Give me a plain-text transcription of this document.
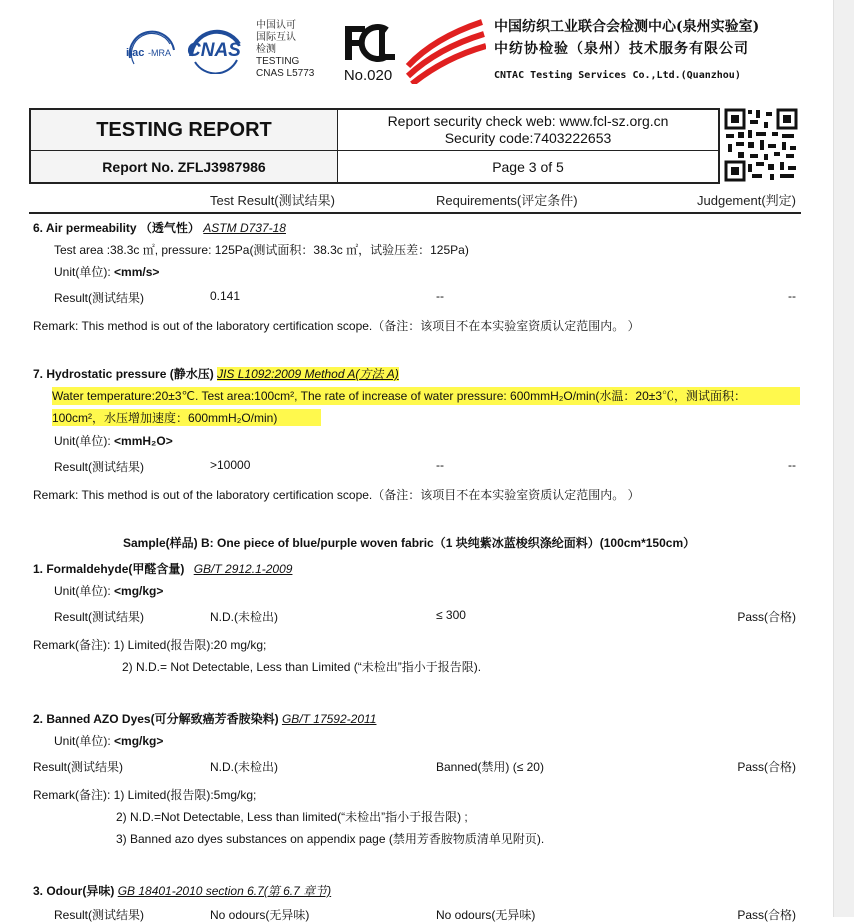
ilac -MRA CNAS
中国认可
国际互认
检测
TESTING
CNAS L5773	No.020
中国纺织工业联合会检测中心(泉州实验室)
中纺协检验（泉州）技术服务有限公司
CNTAC Testing Services Co.,Ltd.(Quanzhou)
TESTING REPORT	Report security check web: www.fcl-sz.org.cn
Security code:7403222653
Report No. ZFLJ3987986	Page 3 of 5
Test Result(测试结果)	Requirements(评定条件)	Judgement(判定)
6. Air permeability （透气性） ASTM D737-18
Test area :38.3c ㎡, pressure: 125Pa(测试面积：38.3c ㎡，试验压差：125Pa)
Unit(单位): <mm/s>
Result(测试结果)	0.141	--	--
Remark: This method is out of the laboratory certification scope.（备注：该项目不在本实验室资质认定范围内。 ）
7. Hydrostatic pressure (静水压) JIS L1092:2009 Method A(方法 A)
Water temperature:20±3℃. Test area:100cm², The rate of increase of water pressure: 600mmH₂O/min(水温：20±3℃，测试面积：
100cm²，水压增加速度：600mmH₂O/min)
Unit(单位): <mmH₂O>
Result(测试结果)	>10000	--	--
Remark: This method is out of the laboratory certification scope.（备注：该项目不在本实验室资质认定范围内。 ）
Sample(样品) B: One piece of blue/purple woven fabric（1 块纯紫冰蓝梭织涤纶面料）(100cm*150cm）
1. Formaldehyde(甲醛含量) GB/T 2912.1-2009
Unit(单位): <mg/kg>
Result(测试结果)	N.D.(未检出)	≤ 300	Pass(合格)
Remark(备注): 1) Limited(报告限):20 mg/kg;
2) N.D.= Not Detectable, Less than Limited (“未检出”指小于报告限).
2. Banned AZO Dyes(可分解致癌芳香胺染料) GB/T 17592-2011
Unit(单位): <mg/kg>
Result(测试结果)	N.D.(未检出)	Banned(禁用) (≤ 20)	Pass(合格)
Remark(备注): 1) Limited(报告限):5mg/kg;
2) N.D.=Not Detectable, Less than limited(“未检出”指小于报告限) ;
3) Banned azo dyes substances on appendix page (禁用芳香胺物质清单见附页).
3. Odour(异味) GB 18401-2010 section 6.7(第 6.7 章节)
Result(测试结果)	No odours(无异味)	No odours(无异味)	Pass(合格)
